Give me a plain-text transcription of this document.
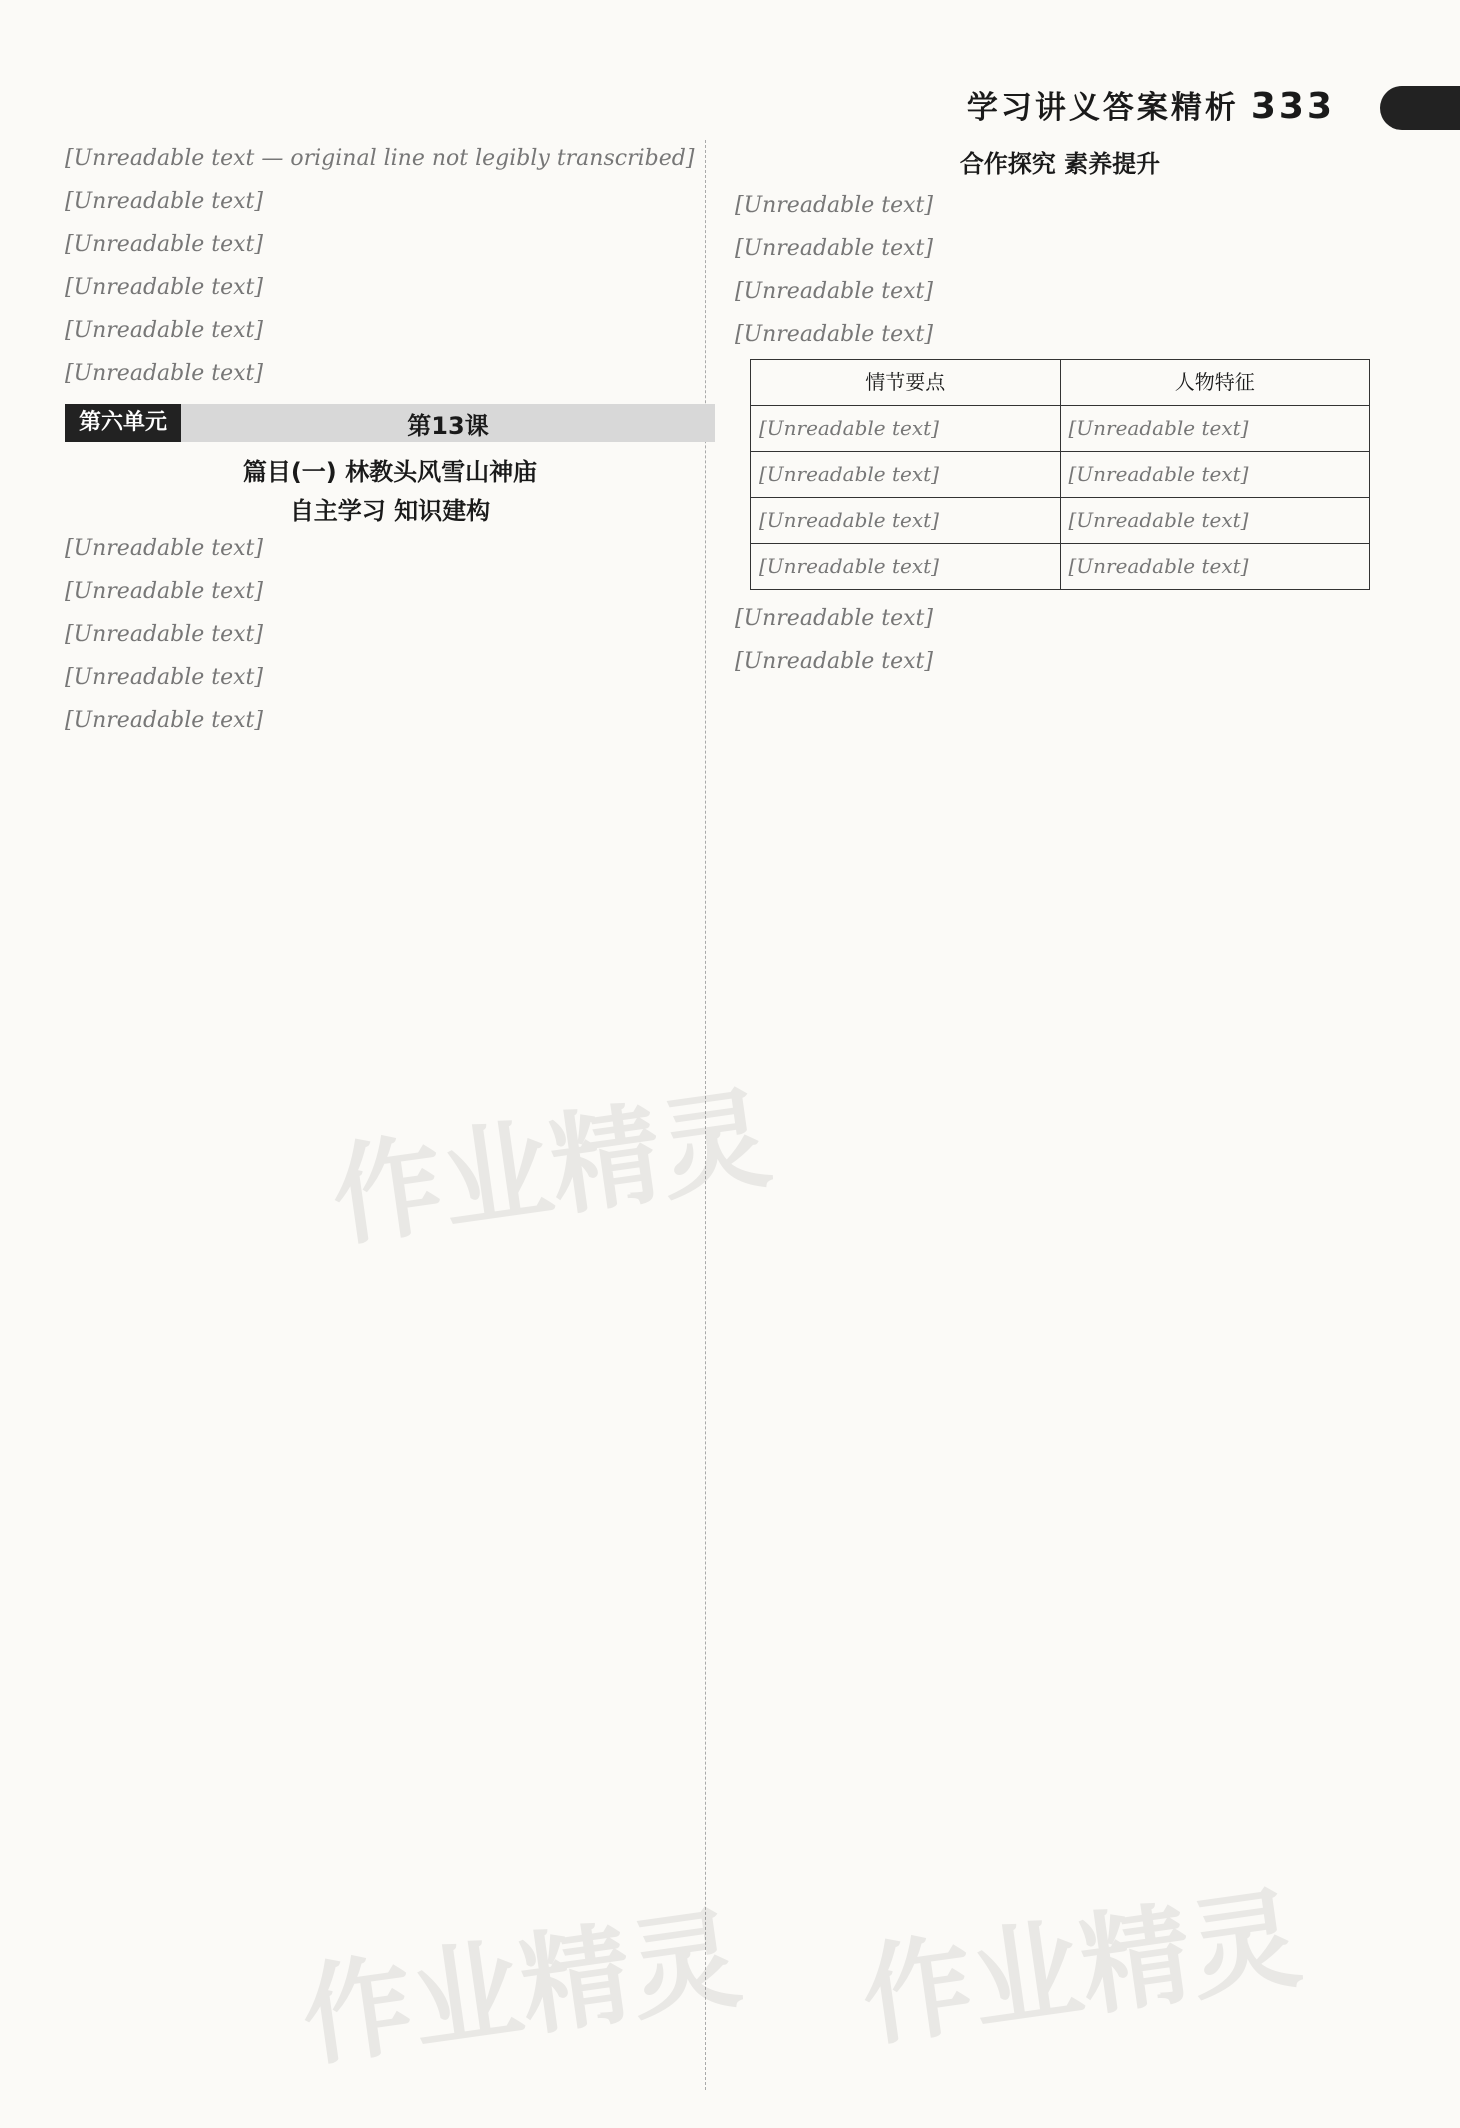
学习讲义答案精析 333

[Unreadable text — original line not legibly transcribed]

[Unreadable text]

[Unreadable text]

[Unreadable text]

[Unreadable text]

[Unreadable text]

第六单元	第13课
篇目(一) 林教头风雪山神庙
自主学习 知识建构

[Unreadable text]

[Unreadable text]

[Unreadable text]

[Unreadable text]

[Unreadable text]

合作探究 素养提升

[Unreadable text]

[Unreadable text]

[Unreadable text]

[Unreadable text]

情节要点	人物特征
[Unreadable text]	[Unreadable text]
[Unreadable text]	[Unreadable text]
[Unreadable text]	[Unreadable text]
[Unreadable text]	[Unreadable text]

[Unreadable text]

[Unreadable text]

作业精灵
作业精灵 作业精灵
